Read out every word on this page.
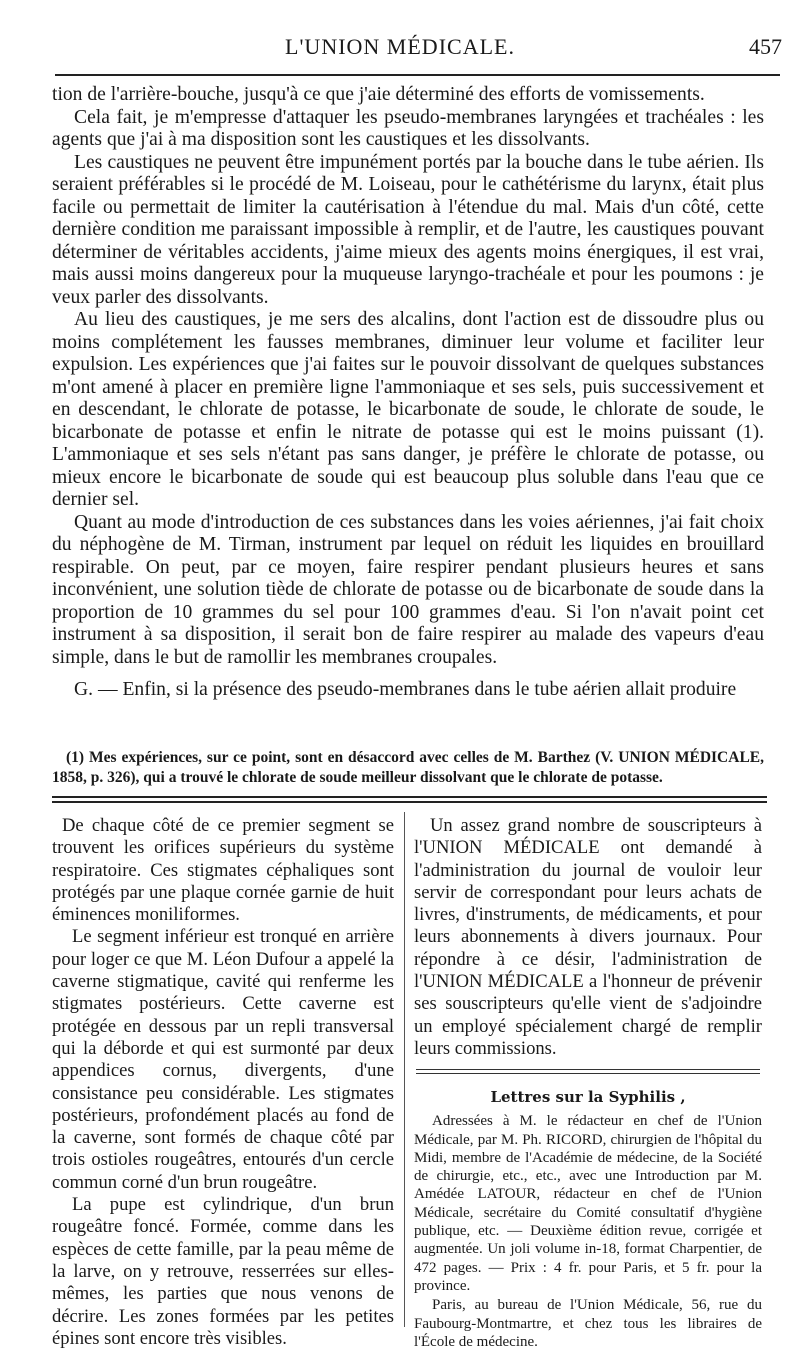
L'UNION MÉDICALE.	457

tion de l'arrière-bouche, jusqu'à ce que j'aie déterminé des efforts de vomissements.

Cela fait, je m'empresse d'attaquer les pseudo-membranes laryngées et trachéales : les agents que j'ai à ma disposition sont les caustiques et les dissolvants.

Les caustiques ne peuvent être impunément portés par la bouche dans le tube aérien. Ils seraient préférables si le procédé de M. Loiseau, pour le cathétérisme du larynx, était plus facile ou permettait de limiter la cautérisation à l'étendue du mal. Mais d'un côté, cette dernière condition me paraissant impossible à remplir, et de l'autre, les caustiques pouvant déterminer de véritables accidents, j'aime mieux des agents moins énergiques, il est vrai, mais aussi moins dangereux pour la muqueuse laryngo-trachéale et pour les poumons : je veux parler des dissolvants.

Au lieu des caustiques, je me sers des alcalins, dont l'action est de dissoudre plus ou moins complétement les fausses membranes, diminuer leur volume et faciliter leur expulsion. Les expériences que j'ai faites sur le pouvoir dissolvant de quelques substances m'ont amené à placer en première ligne l'ammoniaque et ses sels, puis successivement et en descendant, le chlorate de potasse, le bicarbonate de soude, le chlorate de soude, le bicarbonate de potasse et enfin le nitrate de potasse qui est le moins puissant (1). L'ammoniaque et ses sels n'étant pas sans danger, je préfère le chlorate de potasse, ou mieux encore le bicarbonate de soude qui est beaucoup plus soluble dans l'eau que ce dernier sel.

Quant au mode d'introduction de ces substances dans les voies aériennes, j'ai fait choix du néphogène de M. Tirman, instrument par lequel on réduit les liquides en brouillard respirable. On peut, par ce moyen, faire respirer pendant plusieurs heures et sans inconvénient, une solution tiède de chlorate de potasse ou de bicarbonate de soude dans la proportion de 10 grammes du sel pour 100 grammes d'eau. Si l'on n'avait point cet instrument à sa disposition, il serait bon de faire respirer au malade des vapeurs d'eau simple, dans le but de ramollir les membranes croupales.

G. — Enfin, si la présence des pseudo-membranes dans le tube aérien allait produire

(1) Mes expériences, sur ce point, sont en désaccord avec celles de M. Barthez (V. UNION MÉDICALE, 1858, p. 326), qui a trouvé le chlorate de soude meilleur dissolvant que le chlorate de potasse.

De chaque côté de ce premier segment se trouvent les orifices supérieurs du système respiratoire. Ces stigmates céphaliques sont protégés par une plaque cornée garnie de huit éminences moniliformes.

Le segment inférieur est tronqué en arrière pour loger ce que M. Léon Dufour a appelé la caverne stigmatique, cavité qui renferme les stigmates postérieurs. Cette caverne est protégée en dessous par un repli transversal qui la déborde et qui est surmonté par deux appendices cornus, divergents, d'une consistance peu considérable. Les stigmates postérieurs, profondément placés au fond de la caverne, sont formés de chaque côté par trois ostioles rougeâtres, entourés d'un cercle commun corné d'un brun rougeâtre.

La pupe est cylindrique, d'un brun rougeâtre foncé. Formée, comme dans les espèces de cette famille, par la peau même de la larve, on y retrouve, resserrées sur elles-mêmes, les parties que nous venons de décrire. Les zones formées par les petites épines sont encore très visibles.

Un assez grand nombre de souscripteurs à l'UNION MÉDICALE ont demandé à l'administration du journal de vouloir leur servir de correspondant pour leurs achats de livres, d'instruments, de médicaments, et pour leurs abonnements à divers journaux. Pour répondre à ce désir, l'administration de l'UNION MÉDICALE a l'honneur de prévenir ses souscripteurs qu'elle vient de s'adjoindre un employé spécialement chargé de remplir leurs commissions.

Lettres sur la Syphilis ,

Adressées à M. le rédacteur en chef de l'Union Médicale, par M. Ph. RICORD, chirurgien de l'hôpital du Midi, membre de l'Académie de médecine, de la Société de chirurgie, etc., etc., avec une Introduction par M. Amédée LATOUR, rédacteur en chef de l'Union Médicale, secrétaire du Comité consultatif d'hygiène publique, etc. — Deuxième édition revue, corrigée et augmentée. Un joli volume in-18, format Charpentier, de 472 pages. — Prix : 4 fr. pour Paris, et 5 fr. pour la province.

Paris, au bureau de l'Union Médicale, 56, rue du Faubourg-Montmartre, et chez tous les libraires de l'École de médecine.
